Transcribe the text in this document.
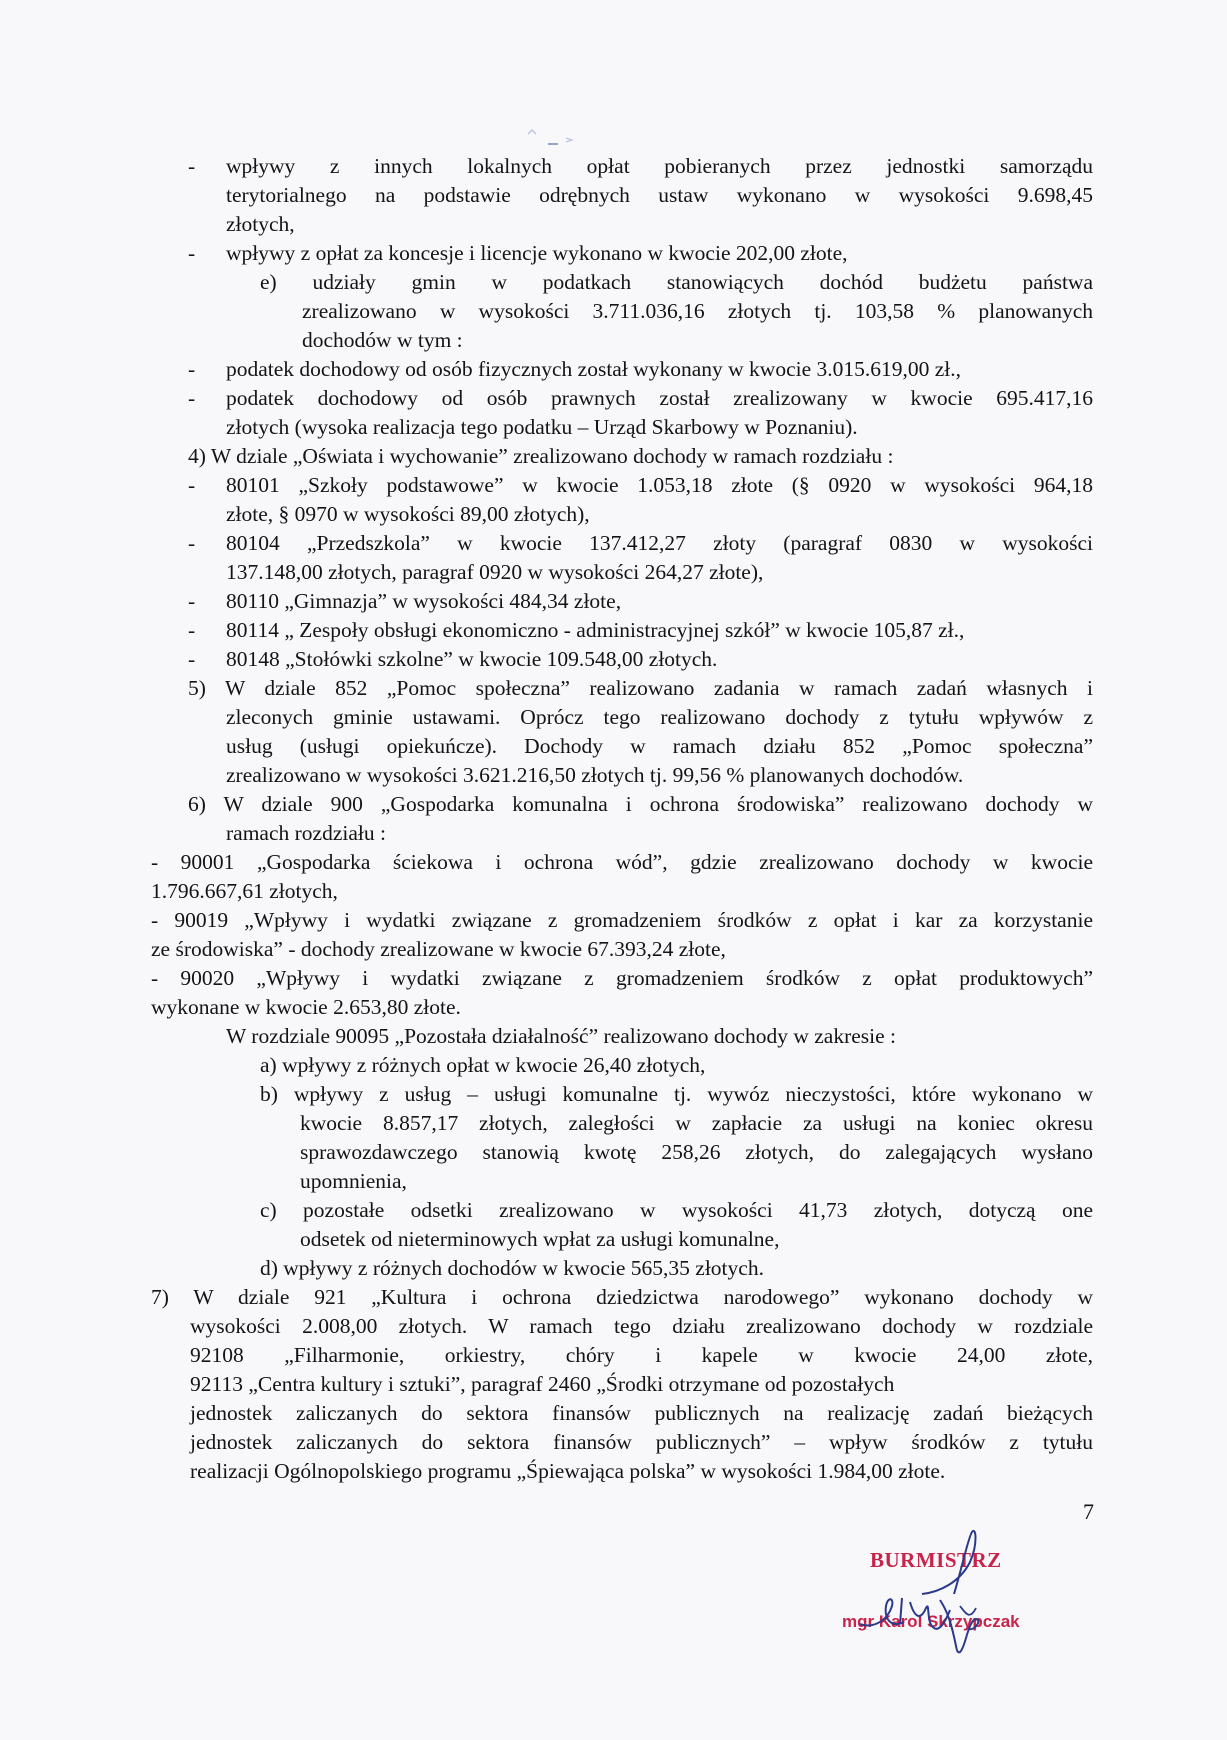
- wpływy z innych lokalnych opłat pobieranych przez jednostki samorządu
terytorialnego na podstawie odrębnych ustaw wykonano w wysokości 9.698,45
złotych,
- wpływy z opłat za koncesje i licencje wykonano w kwocie 202,00 złote,
e) udziały gmin w podatkach stanowiących dochód budżetu państwa
zrealizowano w wysokości 3.711.036,16 złotych tj. 103,58 % planowanych
dochodów w tym :
- podatek dochodowy od osób fizycznych został wykonany w kwocie 3.015.619,00 zł.,
- podatek dochodowy od osób prawnych został zrealizowany w kwocie 695.417,16
złotych (wysoka realizacja tego podatku – Urząd Skarbowy w Poznaniu).
4) W dziale „Oświata i wychowanie” zrealizowano dochody w ramach rozdziału :
- 80101 „Szkoły podstawowe” w kwocie 1.053,18 złote (§ 0920 w wysokości 964,18
złote, § 0970 w wysokości 89,00 złotych),
- 80104 „Przedszkola” w kwocie 137.412,27 złoty (paragraf 0830 w wysokości
137.148,00 złotych, paragraf 0920 w wysokości 264,27 złote),
- 80110 „Gimnazja” w wysokości 484,34 złote,
- 80114 „ Zespoły obsługi ekonomiczno - administracyjnej szkół” w kwocie 105,87 zł.,
- 80148 „Stołówki szkolne” w kwocie 109.548,00 złotych.
5) W dziale 852 „Pomoc społeczna” realizowano zadania w ramach zadań własnych i
zleconych gminie ustawami. Oprócz tego realizowano dochody z tytułu wpływów z
usług (usługi opiekuńcze). Dochody w ramach działu 852 „Pomoc społeczna”
zrealizowano w wysokości 3.621.216,50 złotych tj. 99,56 % planowanych dochodów.
6) W dziale 900 „Gospodarka komunalna i ochrona środowiska” realizowano dochody w
ramach rozdziału :
- 90001 „Gospodarka ściekowa i ochrona wód”, gdzie zrealizowano dochody w kwocie
1.796.667,61 złotych,
- 90019 „Wpływy i wydatki związane z gromadzeniem środków z opłat i kar za korzystanie
ze środowiska” - dochody zrealizowane w kwocie 67.393,24 złote,
- 90020 „Wpływy i wydatki związane z gromadzeniem środków z opłat produktowych”
wykonane w kwocie 2.653,80 złote.
W rozdziale 90095 „Pozostała działalność” realizowano dochody w zakresie :
a) wpływy z różnych opłat w kwocie 26,40 złotych,
b) wpływy z usług – usługi komunalne tj. wywóz nieczystości, które wykonano w
kwocie 8.857,17 złotych, zaległości w zapłacie za usługi na koniec okresu
sprawozdawczego stanowią kwotę 258,26 złotych, do zalegających wysłano
upomnienia,
c) pozostałe odsetki zrealizowano w wysokości 41,73 złotych, dotyczą one
odsetek od nieterminowych wpłat za usługi komunalne,
d) wpływy z różnych dochodów w kwocie 565,35 złotych.
7) W dziale 921 „Kultura i ochrona dziedzictwa narodowego” wykonano dochody w
wysokości 2.008,00 złotych. W ramach tego działu zrealizowano dochody w rozdziale
92108 „Filharmonie, orkiestry, chóry i kapele w kwocie 24,00 złote,
92113 „Centra kultury i sztuki”, paragraf 2460 „Środki otrzymane od pozostałych
jednostek zaliczanych do sektora finansów publicznych na realizację zadań bieżących
jednostek zaliczanych do sektora finansów publicznych” – wpływ środków z tytułu
realizacji Ogólnopolskiego programu „Śpiewająca polska” w wysokości 1.984,00 złote.
7
BURMISTRZ
mgr Karol Skrzypczak
